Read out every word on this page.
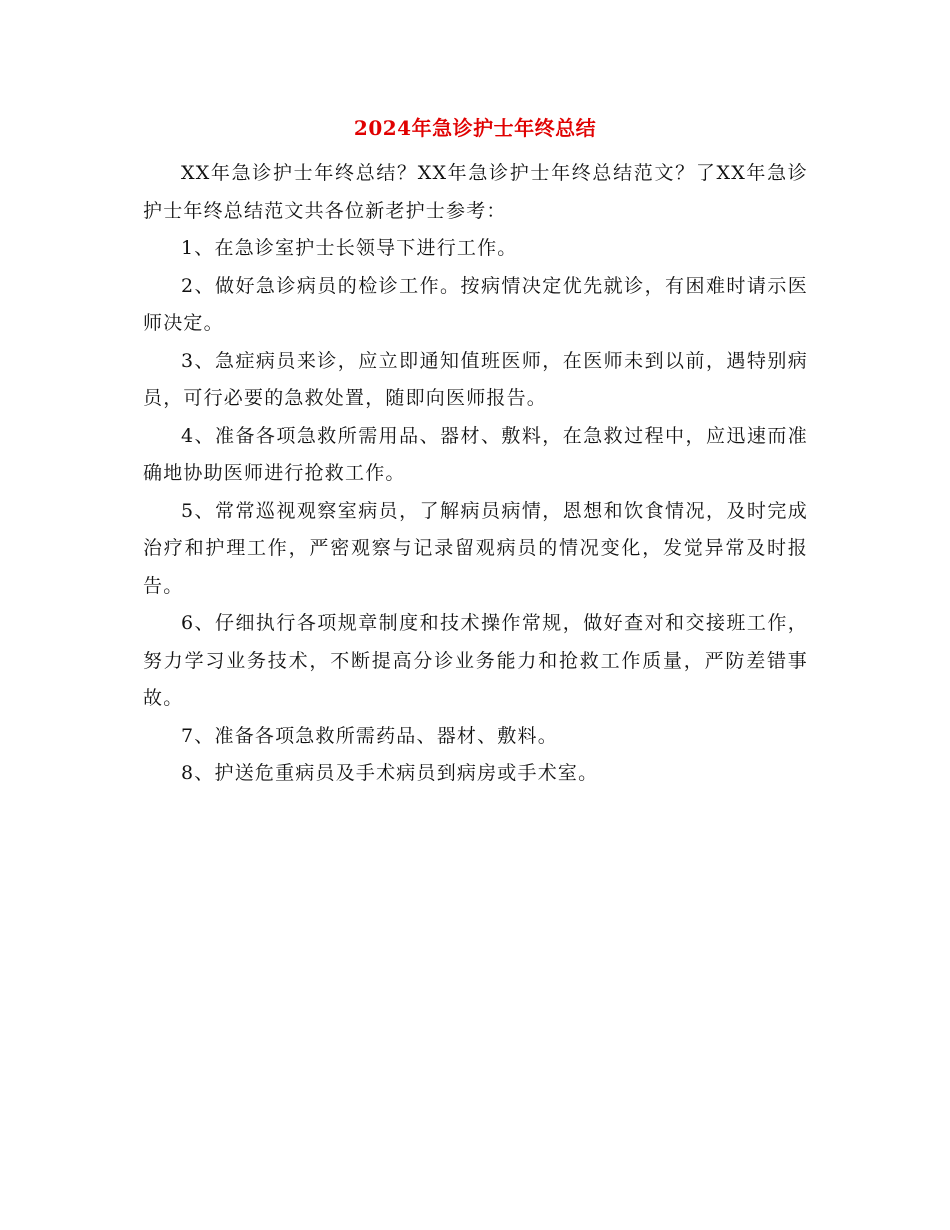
2024年急诊护士年终总结

XX年急诊护士年终总结？XX年急诊护士年终总结范文？了XX年急诊护士年终总结范文共各位新老护士参考：

1、在急诊室护士长领导下进行工作。

2、做好急诊病员的检诊工作。按病情决定优先就诊，有困难时请示医师决定。

3、急症病员来诊，应立即通知值班医师，在医师未到以前，遇特别病员，可行必要的急救处置，随即向医师报告。

4、准备各项急救所需用品、器材、敷料，在急救过程中，应迅速而准确地协助医师进行抢救工作。

5、常常巡视观察室病员，了解病员病情，恩想和饮食情况，及时完成治疗和护理工作，严密观察与记录留观病员的情况变化，发觉异常及时报告。

6、仔细执行各项规章制度和技术操作常规，做好查对和交接班工作，努力学习业务技术，不断提高分诊业务能力和抢救工作质量，严防差错事故。

7、准备各项急救所需药品、器材、敷料。

8、护送危重病员及手术病员到病房或手术室。
